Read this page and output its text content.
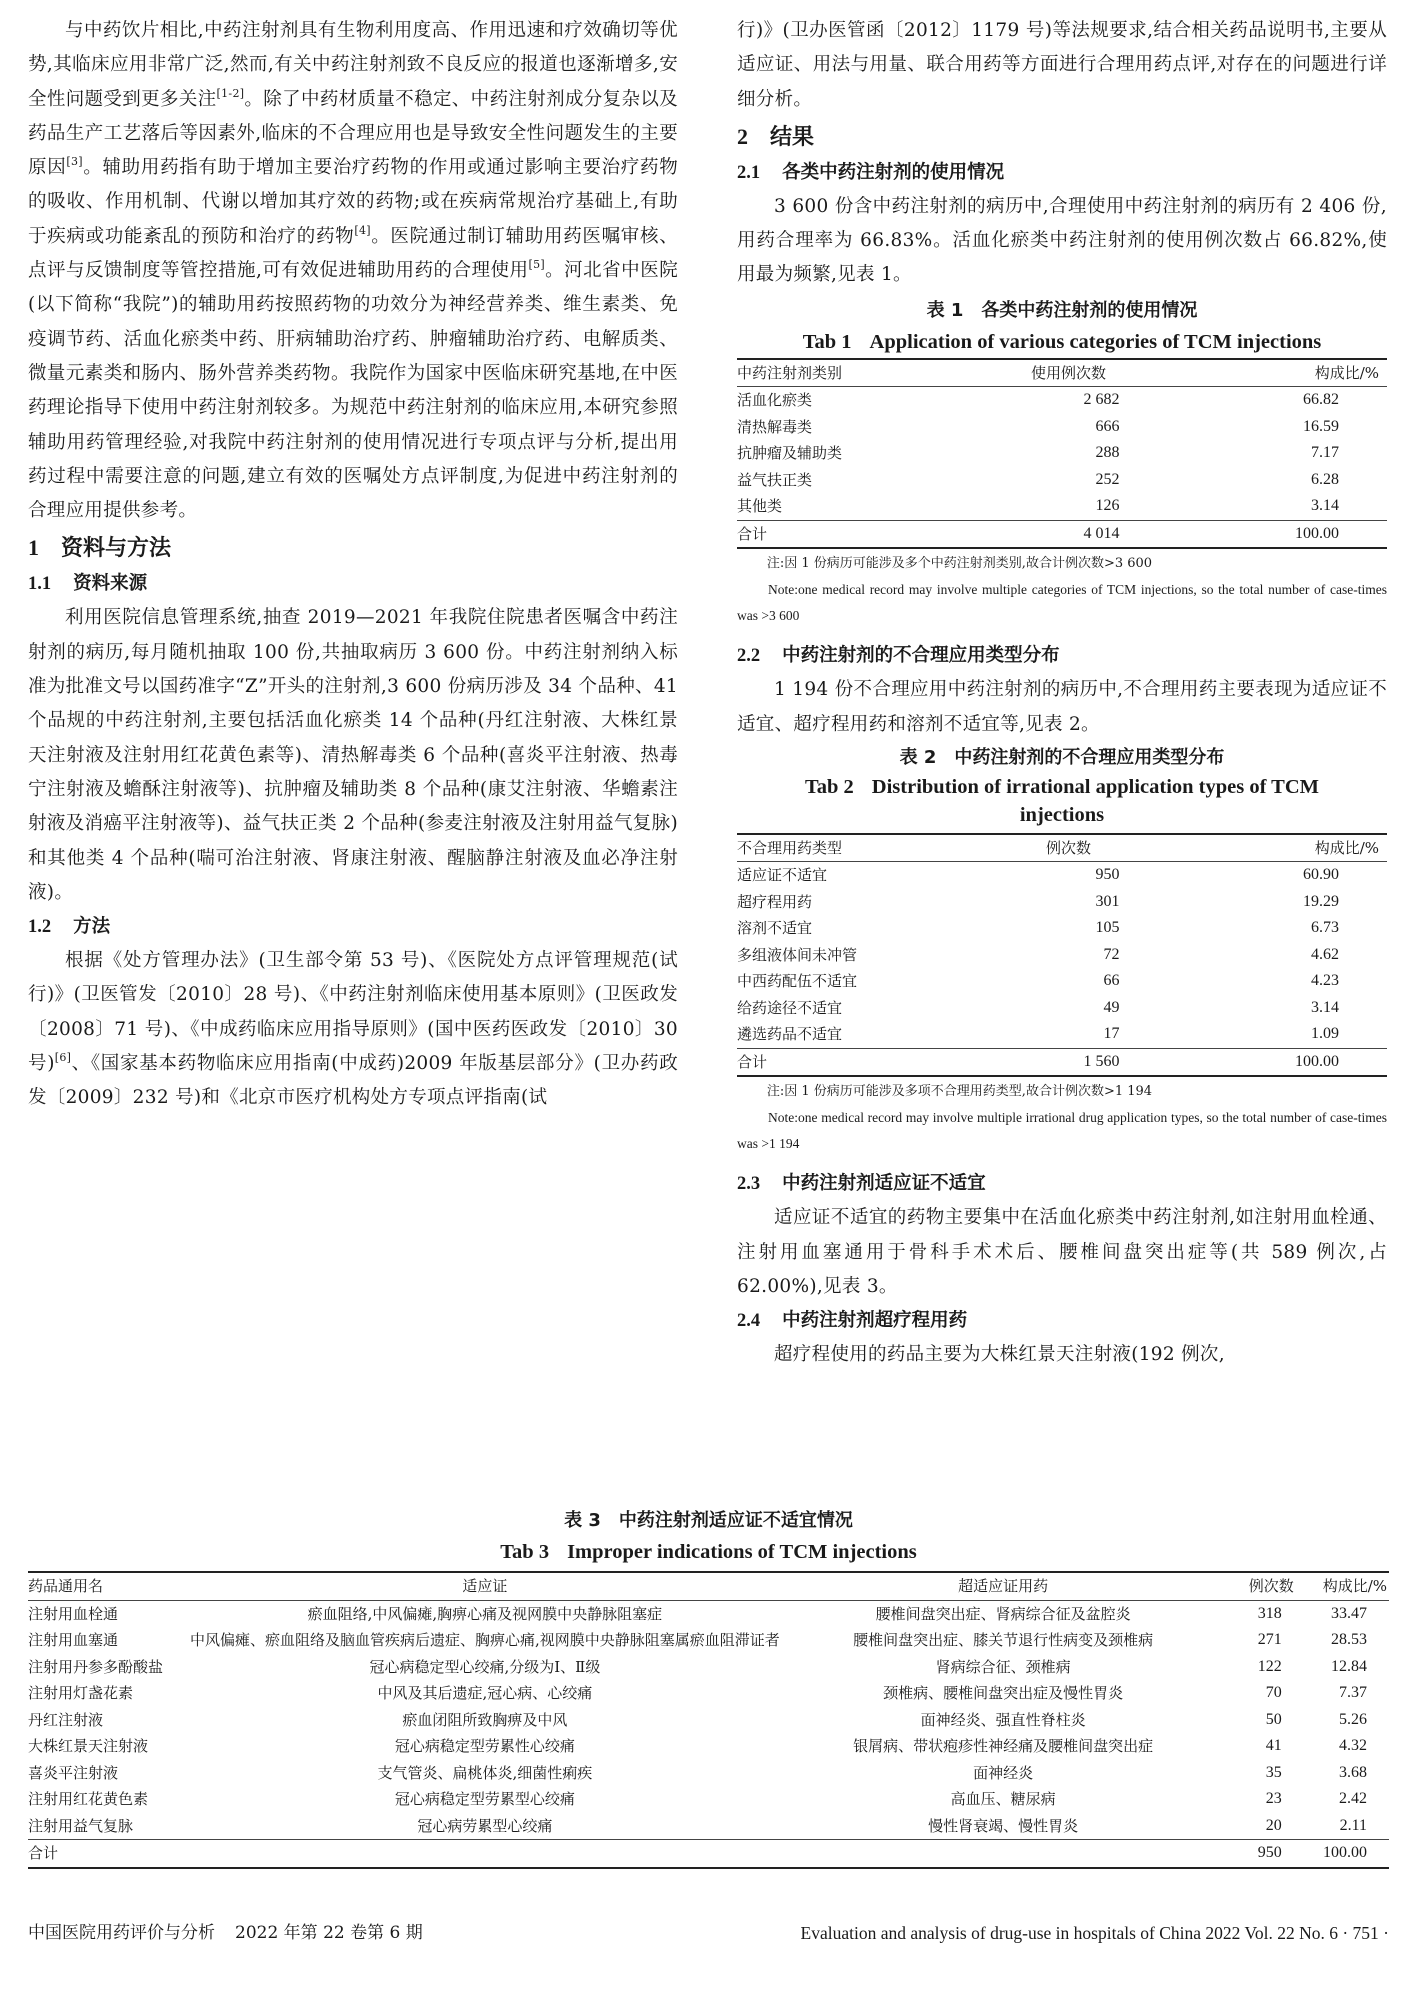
与中药饮片相比,中药注射剂具有生物利用度高、作用迅速和疗效确切等优势,其临床应用非常广泛,然而,有关中药注射剂致不良反应的报道也逐渐增多,安全性问题受到更多关注[1-2]。除了中药材质量不稳定、中药注射剂成分复杂以及药品生产工艺落后等因素外,临床的不合理应用也是导致安全性问题发生的主要原因[3]。辅助用药指有助于增加主要治疗药物的作用或通过影响主要治疗药物的吸收、作用机制、代谢以增加其疗效的药物;或在疾病常规治疗基础上,有助于疾病或功能紊乱的预防和治疗的药物[4]。医院通过制订辅助用药医嘱审核、点评与反馈制度等管控措施,可有效促进辅助用药的合理使用[5]。河北省中医院(以下简称“我院”)的辅助用药按照药物的功效分为神经营养类、维生素类、免疫调节药、活血化瘀类中药、肝病辅助治疗药、肿瘤辅助治疗药、电解质类、微量元素类和肠内、肠外营养类药物。我院作为国家中医临床研究基地,在中医药理论指导下使用中药注射剂较多。为规范中药注射剂的临床应用,本研究参照辅助用药管理经验,对我院中药注射剂的使用情况进行专项点评与分析,提出用药过程中需要注意的问题,建立有效的医嘱处方点评制度,为促进中药注射剂的合理应用提供参考。

1 资料与方法
1.1 资料来源

利用医院信息管理系统,抽查 2019—2021 年我院住院患者医嘱含中药注射剂的病历,每月随机抽取 100 份,共抽取病历 3 600 份。中药注射剂纳入标准为批准文号以国药准字“Z”开头的注射剂,3 600 份病历涉及 34 个品种、41 个品规的中药注射剂,主要包括活血化瘀类 14 个品种(丹红注射液、大株红景天注射液及注射用红花黄色素等)、清热解毒类 6 个品种(喜炎平注射液、热毒宁注射液及蟾酥注射液等)、抗肿瘤及辅助类 8 个品种(康艾注射液、华蟾素注射液及消癌平注射液等)、益气扶正类 2 个品种(参麦注射液及注射用益气复脉)和其他类 4 个品种(喘可治注射液、肾康注射液、醒脑静注射液及血必净注射液)。

1.2 方法

根据《处方管理办法》(卫生部令第 53 号)、《医院处方点评管理规范(试行)》(卫医管发〔2010〕28 号)、《中药注射剂临床使用基本原则》(卫医政发〔2008〕71 号)、《中成药临床应用指导原则》(国中医药医政发〔2010〕30 号)[6]、《国家基本药物临床应用指南(中成药)2009 年版基层部分》(卫办药政发〔2009〕232 号)和《北京市医疗机构处方专项点评指南(试

行)》(卫办医管函〔2012〕1179 号)等法规要求,结合相关药品说明书,主要从适应证、用法与用量、联合用药等方面进行合理用药点评,对存在的问题进行详细分析。

2 结果
2.1 各类中药注射剂的使用情况

3 600 份含中药注射剂的病历中,合理使用中药注射剂的病历有 2 406 份,用药合理率为 66.83%。活血化瘀类中药注射剂的使用例次数占 66.82%,使用最为频繁,见表 1。

表 1 各类中药注射剂的使用情况
Tab 1 Application of various categories of TCM injections
中药注射剂类别	使用例次数	构成比/%
活血化瘀类	2 682	66.82
清热解毒类	666	16.59
抗肿瘤及辅助类	288	7.17
益气扶正类	252	6.28
其他类	126	3.14
合计	4 014	100.00

注:因 1 份病历可能涉及多个中药注射剂类别,故合计例次数>3 600

Note:one medical record may involve multiple categories of TCM injections, so the total number of case-times was >3 600

2.2 中药注射剂的不合理应用类型分布

1 194 份不合理应用中药注射剂的病历中,不合理用药主要表现为适应证不适宜、超疗程用药和溶剂不适宜等,见表 2。

表 2 中药注射剂的不合理应用类型分布
Tab 2 Distribution of irrational application types of TCM injections
不合理用药类型	例次数	构成比/%
适应证不适宜	950	60.90
超疗程用药	301	19.29
溶剂不适宜	105	6.73
多组液体间未冲管	72	4.62
中西药配伍不适宜	66	4.23
给药途径不适宜	49	3.14
遴选药品不适宜	17	1.09
合计	1 560	100.00

注:因 1 份病历可能涉及多项不合理用药类型,故合计例次数>1 194

Note:one medical record may involve multiple irrational drug application types, so the total number of case-times was >1 194

2.3 中药注射剂适应证不适宜

适应证不适宜的药物主要集中在活血化瘀类中药注射剂,如注射用血栓通、注射用血塞通用于骨科手术术后、腰椎间盘突出症等(共 589 例次,占 62.00%),见表 3。

2.4 中药注射剂超疗程用药

超疗程使用的药品主要为大株红景天注射液(192 例次,

表 3 中药注射剂适应证不适宜情况
Tab 3 Improper indications of TCM injections
药品通用名	适应证	超适应证用药	例次数	构成比/%
注射用血栓通	瘀血阻络,中风偏瘫,胸痹心痛及视网膜中央静脉阻塞症	腰椎间盘突出症、肾病综合征及盆腔炎	318	33.47
注射用血塞通	中风偏瘫、瘀血阻络及脑血管疾病后遗症、胸痹心痛,视网膜中央静脉阻塞属瘀血阻滞证者	腰椎间盘突出症、膝关节退行性病变及颈椎病	271	28.53
注射用丹参多酚酸盐	冠心病稳定型心绞痛,分级为Ⅰ、Ⅱ级	肾病综合征、颈椎病	122	12.84
注射用灯盏花素	中风及其后遗症,冠心病、心绞痛	颈椎病、腰椎间盘突出症及慢性胃炎	70	7.37
丹红注射液	瘀血闭阻所致胸痹及中风	面神经炎、强直性脊柱炎	50	5.26
大株红景天注射液	冠心病稳定型劳累性心绞痛	银屑病、带状疱疹性神经痛及腰椎间盘突出症	41	4.32
喜炎平注射液	支气管炎、扁桃体炎,细菌性痢疾	面神经炎	35	3.68
注射用红花黄色素	冠心病稳定型劳累型心绞痛	高血压、糖尿病	23	2.42
注射用益气复脉	冠心病劳累型心绞痛	慢性肾衰竭、慢性胃炎	20	2.11
合计			950	100.00
中国医院用药评价与分析 2022 年第 22 卷第 6 期	Evaluation and analysis of drug-use in hospitals of China 2022 Vol. 22 No. 6 · 751 ·
